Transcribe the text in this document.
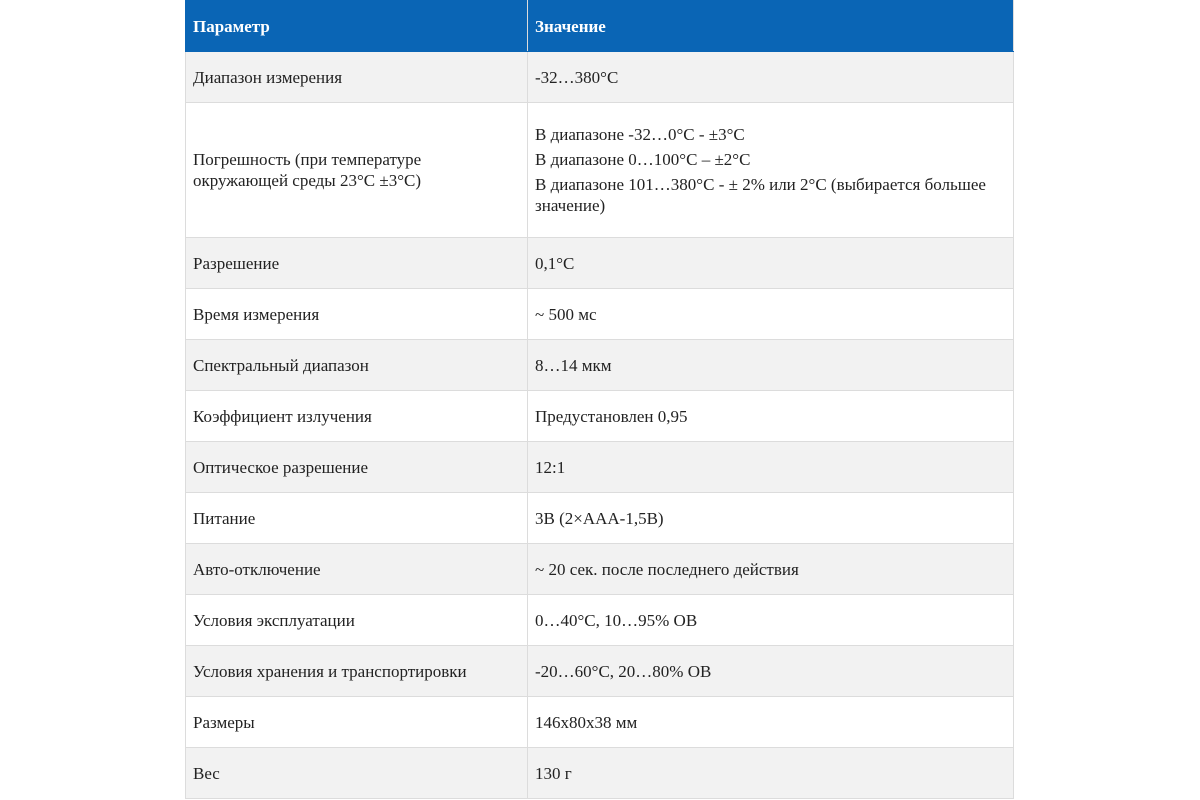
Параметр	Значение
Диапазон измерения	-32…380°С
Погрешность (при температуре окружающей среды 23°С ±3°С)	В диапазоне -32…0°С - ±3°С
В диапазоне 0…100°С – ±2°С
В диапазоне 101…380°С - ± 2% или 2°С (выбирается большее значение)

Разрешение	0,1°С
Время измерения	~ 500 мс
Спектральный диапазон	8…14 мкм
Коэффициент излучения	Предустановлен 0,95
Оптическое разрешение	12:1
Питание	3В (2×AAA-1,5В)
Авто-отключение	~ 20 сек. после последнего действия
Условия эксплуатации	0…40°С, 10…95% ОВ
Условия хранения и транспортировки	-20…60°С, 20…80% ОВ
Размеры	146х80х38 мм
Вес	130 г
